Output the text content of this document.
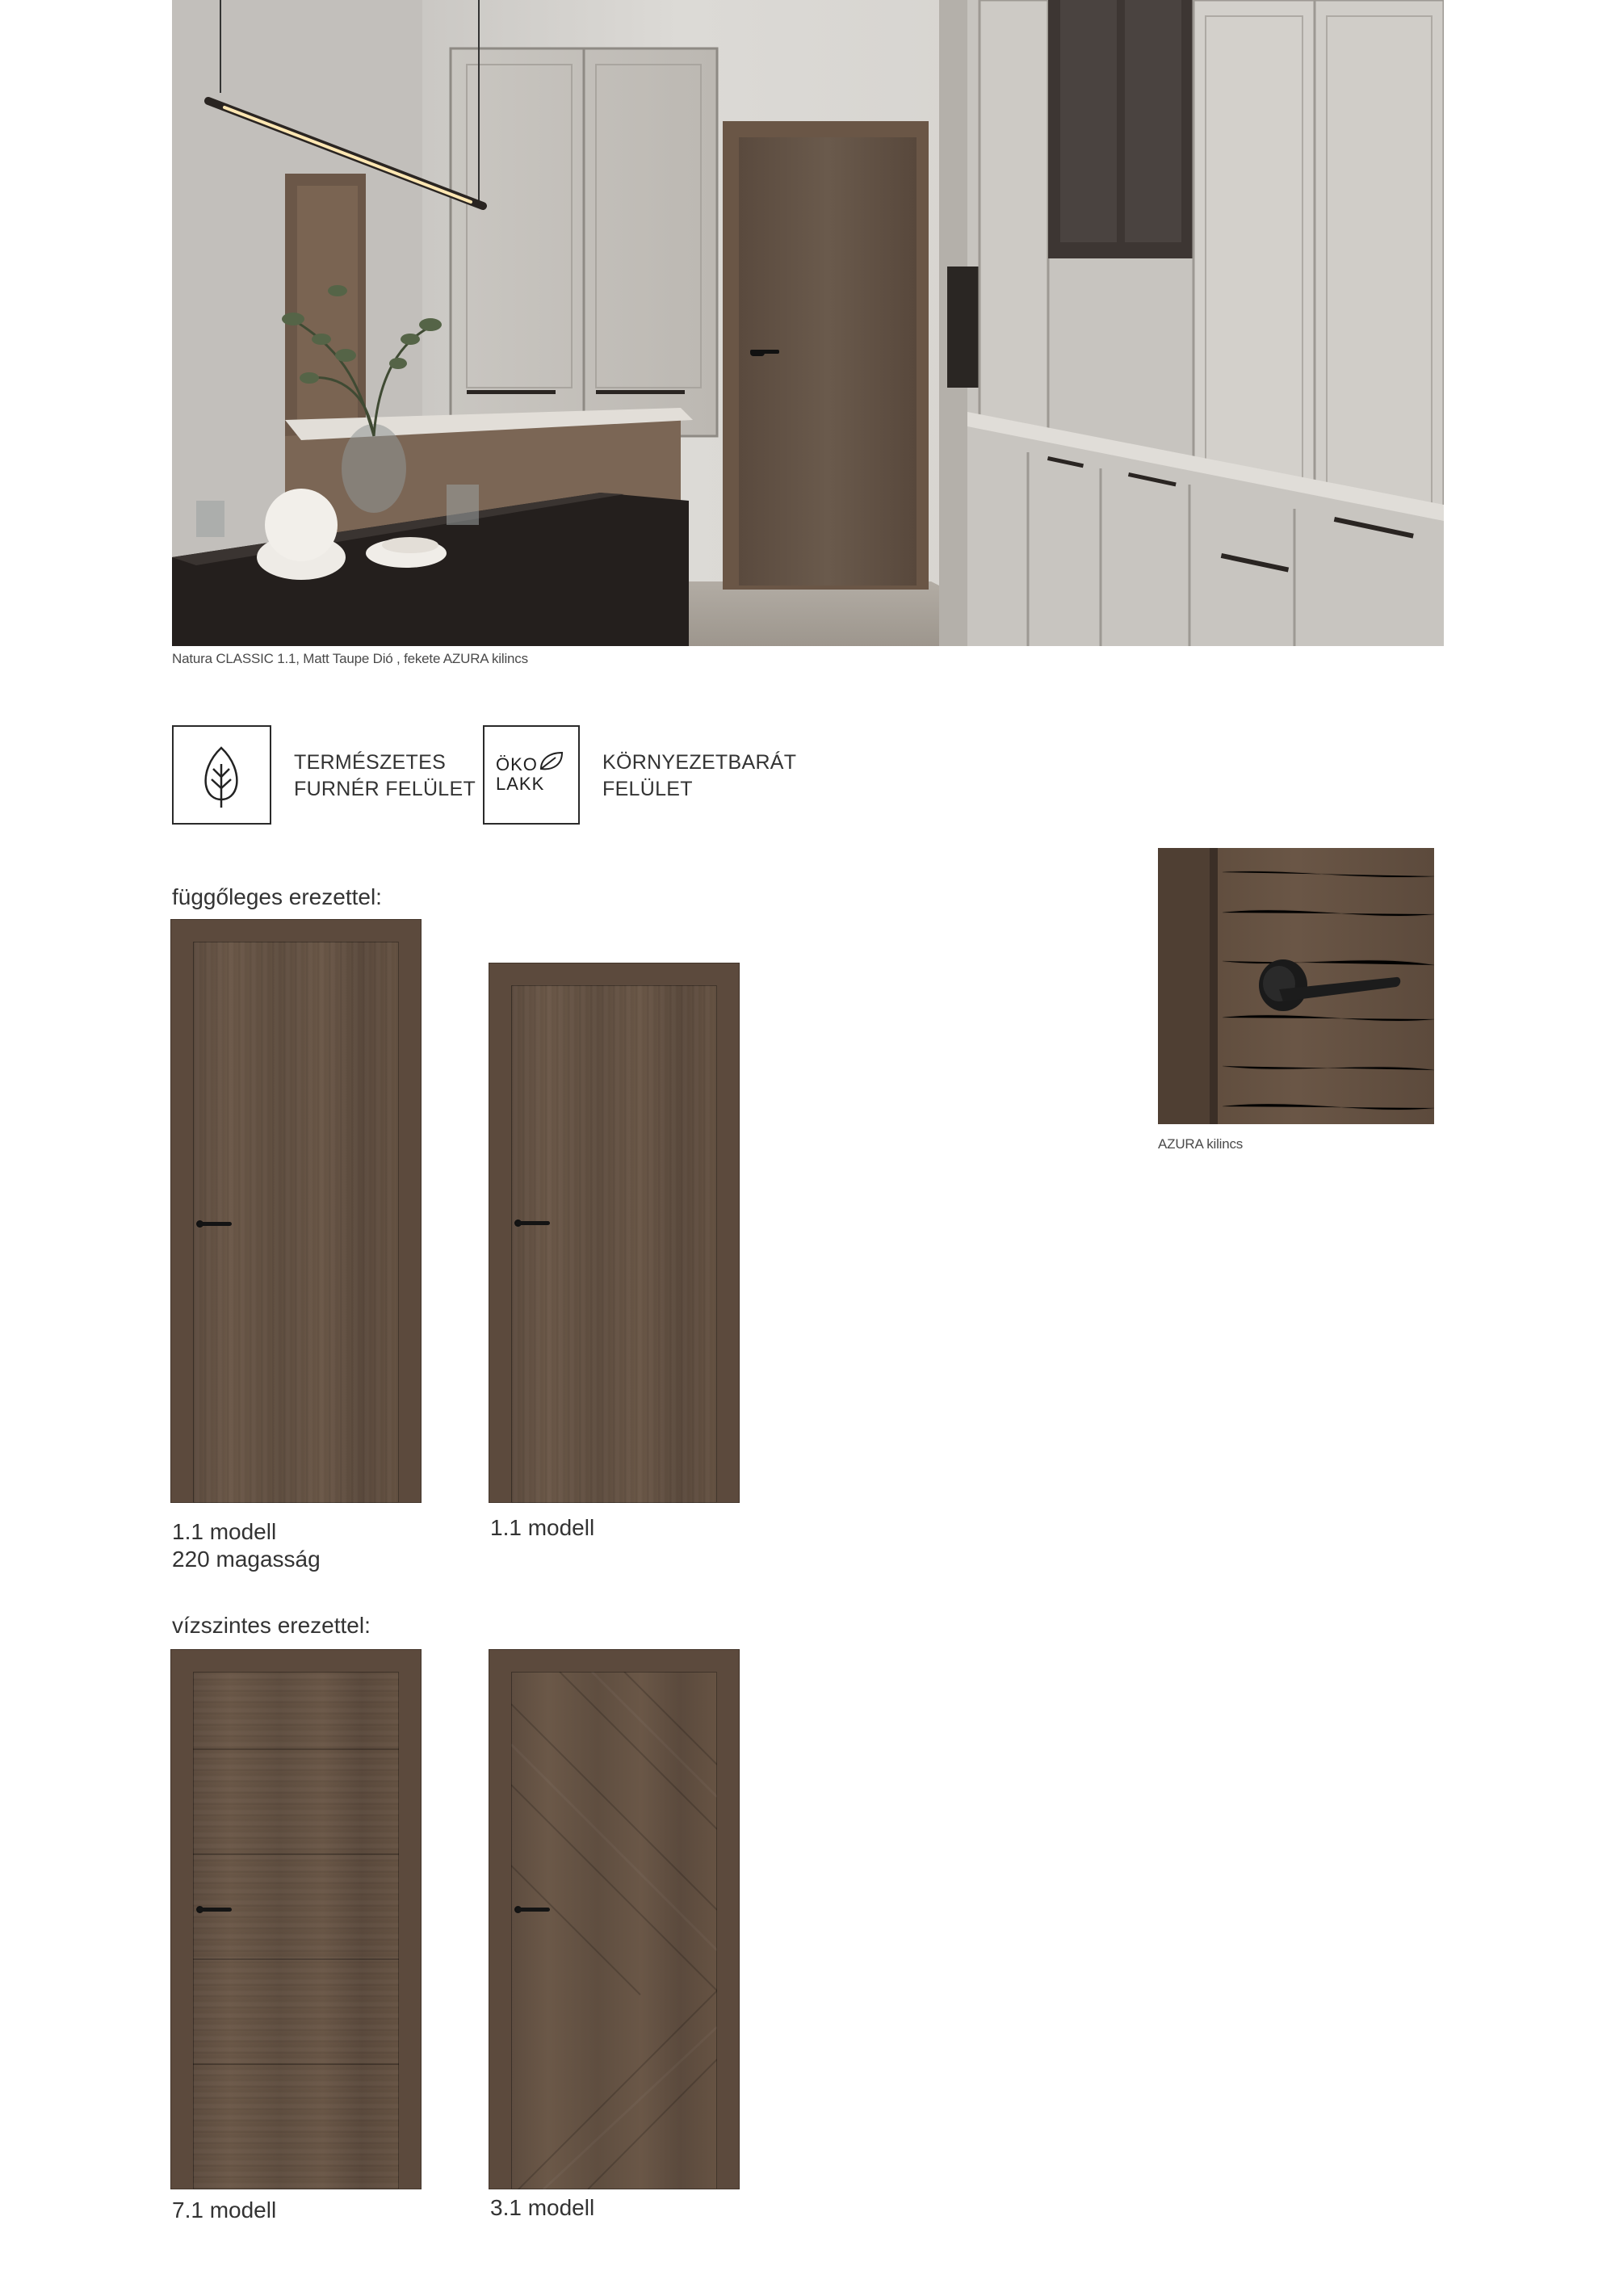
Natura CLASSIC 1.1, Matt Taupe Dió , fekete AZURA kilincs
TERMÉSZETES
FURNÉR FELÜLET
ÖKO
LAKK
KÖRNYEZETBARÁT
FELÜLET
függőleges erezettel:
1.1 modell
220 magasság
1.1 modell
AZURA kilincs
vízszintes erezettel:
7.1 modell	3.1 modell
